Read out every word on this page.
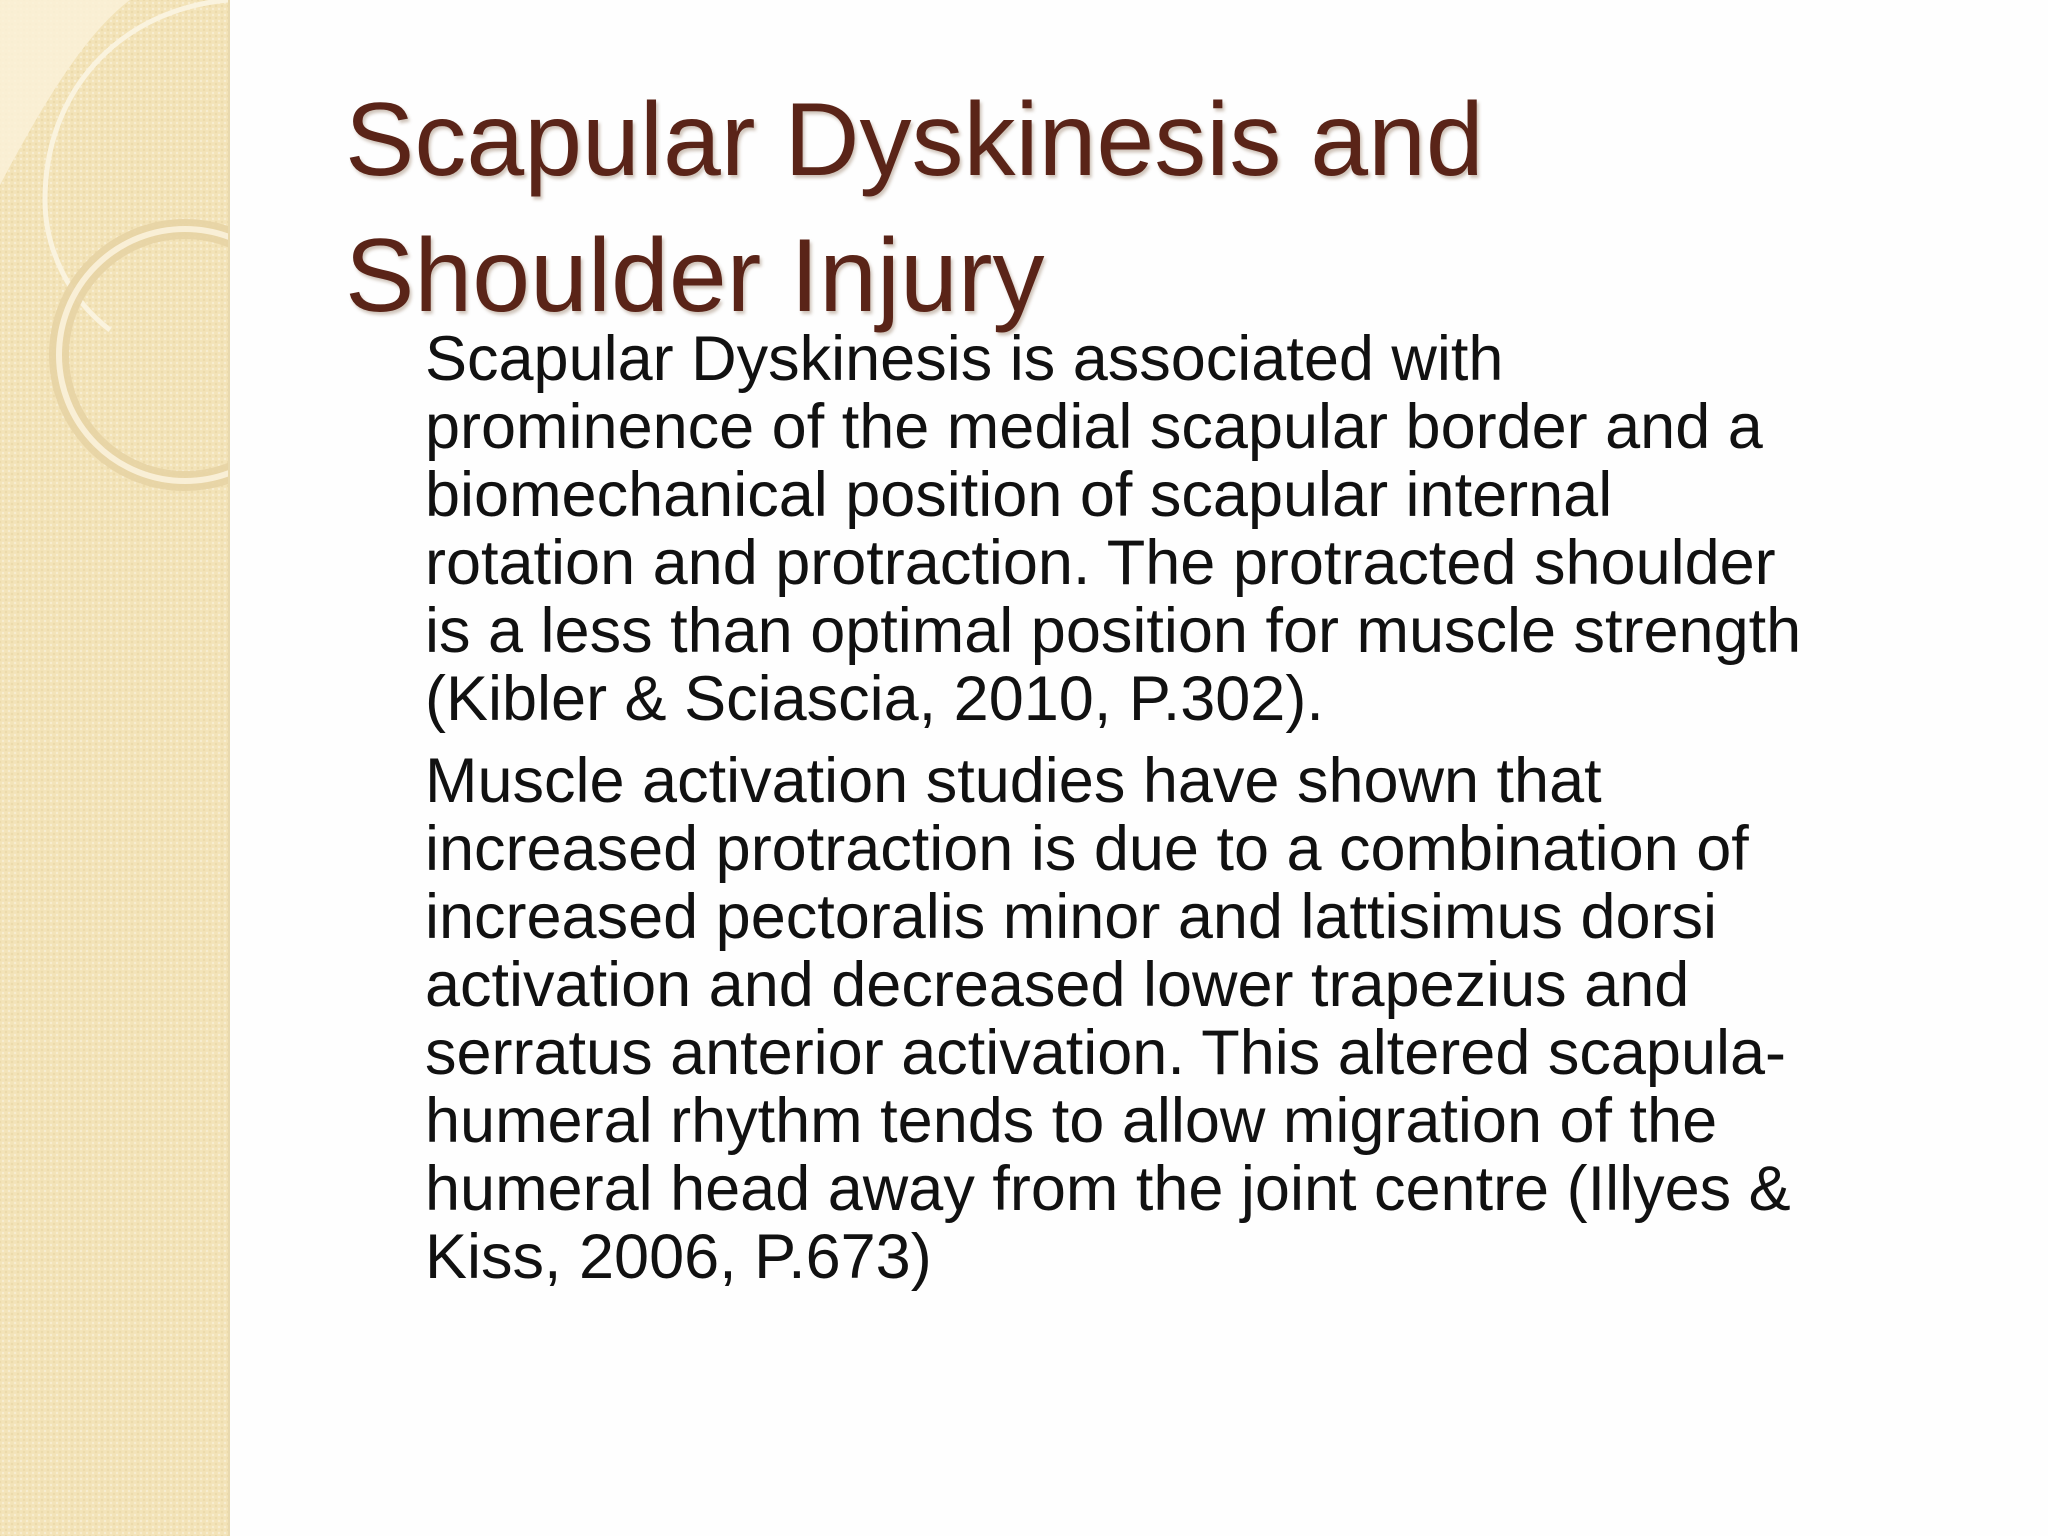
Scapular Dyskinesis and
Shoulder Injury

Scapular Dyskinesis is associated with
prominence of the medial scapular border and a
biomechanical position of scapular internal
rotation and protraction. The protracted shoulder
is a less than optimal position for muscle strength
(Kibler & Sciascia, 2010, P.302).

Muscle activation studies have shown that
increased protraction is due to a combination of
increased pectoralis minor and lattisimus dorsi
activation and decreased lower trapezius and
serratus anterior activation. This altered scapula-
humeral rhythm tends to allow migration of the
humeral head away from the joint centre (Illyes &
Kiss, 2006, P.673)
